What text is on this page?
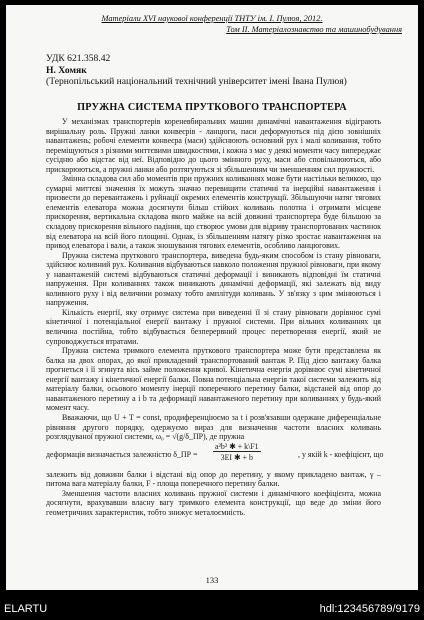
Матеріали XVI наукової конференції ТНТУ ім. І. Пулюя, 2012.
Том ІІ. Матеріалознавство та машинобудування
УДК 621.358.42
Н. Хомяк
(Тернопільський національний технічний університет імені Івана Пулюя)
ПРУЖНА СИСТЕМА ПРУТКОВОГО ТРАНСПОРТЕРА

У механізмах транспортерів кореневбиральних машин динамічні навантаження відіграють вирішальну роль. Пружні ланки конвеєрів - ланцюги, паси деформуються під дією зовнішніх навантажень; робочі елементи конвеєра (маси) здійснюють основний рух і малі коливання, тобто переміщуються з різними миттєвими швидкостями, і кожна з мас у деякі моменти часу випереджає сусідню або відстає від неї. Відповідно до цього змінного руху, маси або сповільнюються, або прискорюються, а пружні ланки або розтягуються зі збільшенням чи зменшенням сил пружності.

Змінна складова сил або моментів при пружних коливаннях може бути настільки великою, що сумарні миттєві значення їх можуть значно перевищити статичні та інерційні навантаження і призвести до перевантажень і руйнації окремих елементів конструкції. Збільшуючи натяг тягових елементів елеватора можна досягнути більш стійких коливань полотна і отримати місцеве прискорення, вертикальна складова якого майже на всій довжині транспортера буде більшою за складову прискорення вільного падіння, що створює умови для відриву транспортованих частинок від елеватора на всій його площині. Однак, із збільшенням натягу різко зростає навантаження на привод елеватора і вали, а також зношування тягових елементів, особливо ланцюгових.

Пружна система пруткового транспортера, виведена будь-яким способом із стану рівноваги, здійснює коливний рух. Коливання відбуваються навколо положення пружної рівноваги, при якому у навантаженій системі відбуваються статичні деформації і виникають відповідні їм статичні напруження. При коливаннях також виникають динамічні деформації, які залежать від виду коливного руху і від величини розмаху тобто амплітуди коливань. У зв'язку з цим змінюються і напруження.

Кількість енергії, яку отримує система при виведенні її зі стану рівноваги дорівнює сумі кінетичної і потенціальної енергії вантажу і пружної системи. При вільних коливаннях ця величина постійна, тобто відбувається безперервний процес перетворення енергії, який не супроводжується втратами.

Пружна система тримкого елемента пруткового транспортера може бути представлена як балка на двох опорах, до якої прикладений транспортований вантаж P. Під дією вантажу балка прогнеться і її згинута вісь займе положення кривої. Кінетична енергія дорівнює сумі кінетичної енергії вантажу і кінетичної енергії балки. Повна потенціальна енергія такої системи залежить від матеріалу балки, осьового моменту інерції поперечного перетину балки, відстаней від опор до навантаженого перетину a і b та деформації навантаженого перетину при коливаннях у будь-який момент часу.

Вважаючи, що U + T = const, продиференціюємо за t і розв'язавши одержане диференціальне рівняння другого порядку, одержуємо вираз для визначення частоти власних коливань розглядуваної пружної системи, ω₀ = √(g/δ_ПР), де пружна

деформація визначається залежністю δ_ПР = $\frac{\text{a²b² ✱ + k\textbackslash{}F1}}{3EI ✱ + b}$	, у якій k - коефіцієнт, що

залежить від довжини балки і відстані від опор до перетину, у якому прикладено вантаж, γ – питома вага матеріалу балки, F - площа поперечного перетину балки.

Зменшення частоти власних коливань пружної системи і динамічного коефіцієнта, можна досягнути, врахувавши власну вагу тримкого елемента конструкції, що веде до зміни його геометричних характеристик, тобто знижує металоємність.

133
ELARTU	hdl:123456789/9179
